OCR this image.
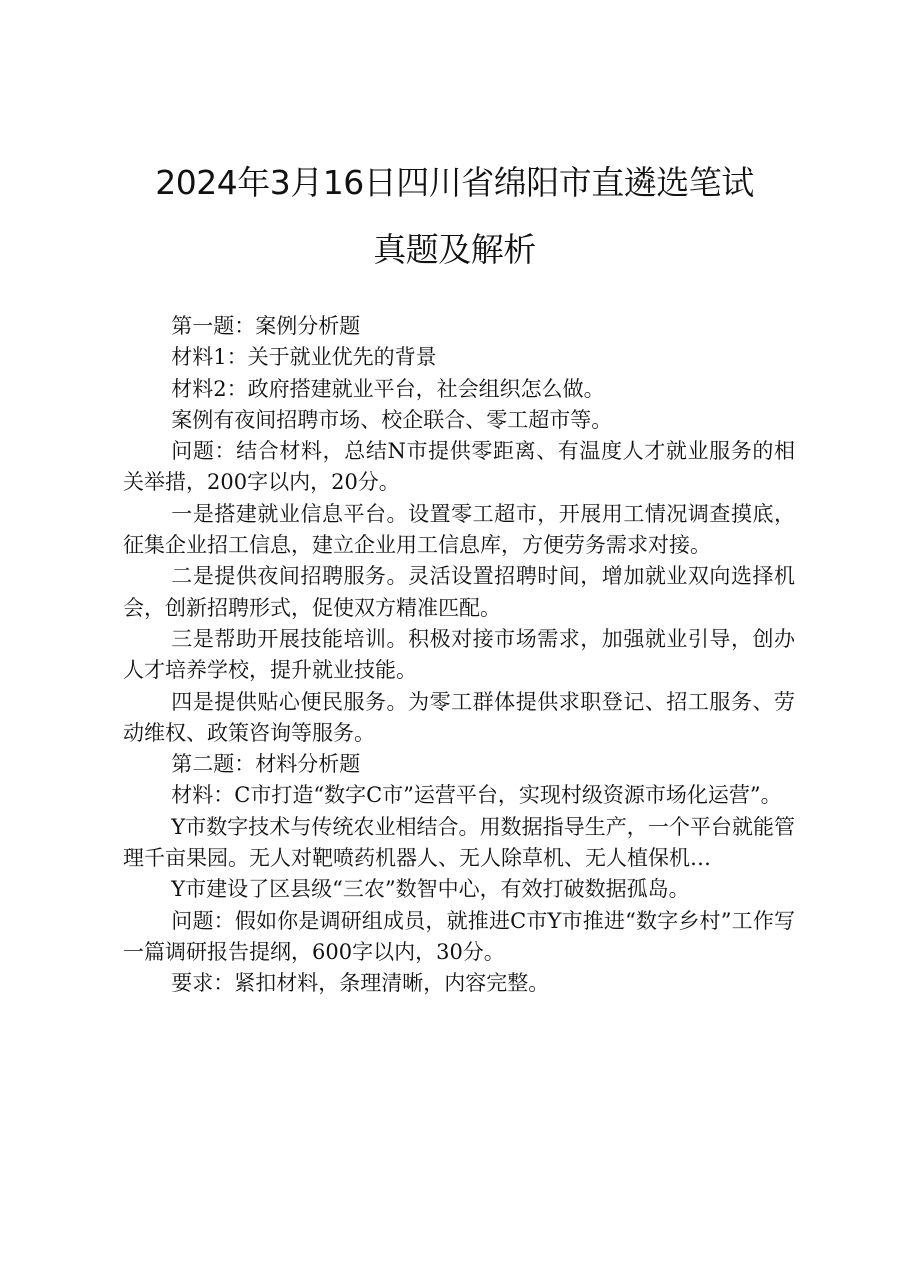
2024年3月16日四川省绵阳市直遴选笔试
真题及解析

第一题：案例分析题

材料1：关于就业优先的背景

材料2：政府搭建就业平台，社会组织怎么做。

案例有夜间招聘市场、校企联合、零工超市等。

问题：结合材料，总结N市提供零距离、有温度人才就业服务的相关举措，200字以内，20分。

一是搭建就业信息平台。设置零工超市，开展用工情况调查摸底，征集企业招工信息，建立企业用工信息库，方便劳务需求对接。

二是提供夜间招聘服务。灵活设置招聘时间，增加就业双向选择机会，创新招聘形式，促使双方精准匹配。

三是帮助开展技能培训。积极对接市场需求，加强就业引导，创办人才培养学校，提升就业技能。

四是提供贴心便民服务。为零工群体提供求职登记、招工服务、劳动维权、政策咨询等服务。

第二题：材料分析题

材料：C市打造“数字C市”运营平台，实现村级资源市场化运营”。

Y市数字技术与传统农业相结合。用数据指导生产，一个平台就能管理千亩果园。无人对靶喷药机器人、无人除草机、无人植保机…

Y市建设了区县级“三农”数智中心，有效打破数据孤岛。

问题：假如你是调研组成员，就推进C市Y市推进“数字乡村”工作写一篇调研报告提纲，600字以内，30分。

要求：紧扣材料，条理清晰，内容完整。
